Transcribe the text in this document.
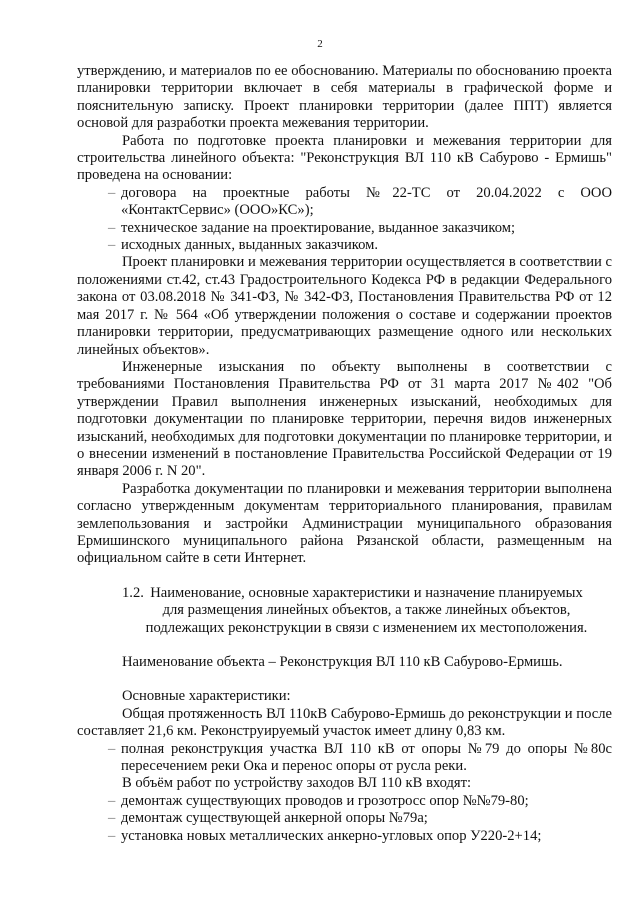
2

утверждению, и материалов по ее обоснованию. Материалы по обоснованию проекта планировки территории включает в себя материалы в графической форме и пояснительную записку. Проект планировки территории (далее ППТ) является основой для разработки проекта межевания территории.

Работа по подготовке проекта планировки и межевания территории для строительства линейного объекта: "Реконструкция ВЛ 110 кВ Сабурово - Ермишь" проведена на основании:

– договора на проектные работы №22-ТС от 20.04.2022 с ООО «КонтактСервис» (ООО»КС»);
– техническое задание на проектирование, выданное заказчиком;
– исходных данных, выданных заказчиком.

Проект планировки и межевания территории осуществляется в соответствии с положениями ст.42, ст.43 Градостроительного Кодекса РФ в редакции Федерального закона от 03.08.2018 № 341-ФЗ, № 342-ФЗ, Постановления Правительства РФ от 12 мая 2017 г. № 564 «Об утверждении положения о составе и содержании проектов планировки территории, предусматривающих размещение одного или нескольких линейных объектов».

Инженерные изыскания по объекту выполнены в соответствии с требованиями Постановления Правительства РФ от 31 марта 2017 №402 "Об утверждении Правил выполнения инженерных изысканий, необходимых для подготовки документации по планировке территории, перечня видов инженерных изысканий, необходимых для подготовки документации по планировке территории, и о внесении изменений в постановление Правительства Российской Федерации от 19 января 2006 г. N 20".

Разработка документации по планировки и межевания территории выполнена согласно утвержденным документам территориального планирования, правилам землепользования и застройки Администрации муниципального образования Ермишинского муниципального района Рязанской области, размещенным на официальном сайте в сети Интернет.

1.2. Наименование, основные характеристики и назначение планируемых
для размещения линейных объектов, а также линейных объектов,
подлежащих реконструкции в связи с изменением их местоположения.

Наименование объекта – Реконструкция ВЛ 110 кВ Сабурово-Ермишь.

Основные характеристики:

Общая протяженность ВЛ 110кВ Сабурово-Ермишь до реконструкции и после составляет 21,6 км. Реконструируемый участок имеет длину 0,83 км.

– полная реконструкция участка ВЛ 110 кВ от опоры №79 до опоры №80с пересечением реки Ока и перенос опоры от русла реки.

В объём работ по устройству заходов ВЛ 110 кВ входят:

– демонтаж существующих проводов и грозотросс опор №№79-80;
– демонтаж существующей анкерной опоры №79а;
– установка новых металлических анкерно-угловых опор У220-2+14;
